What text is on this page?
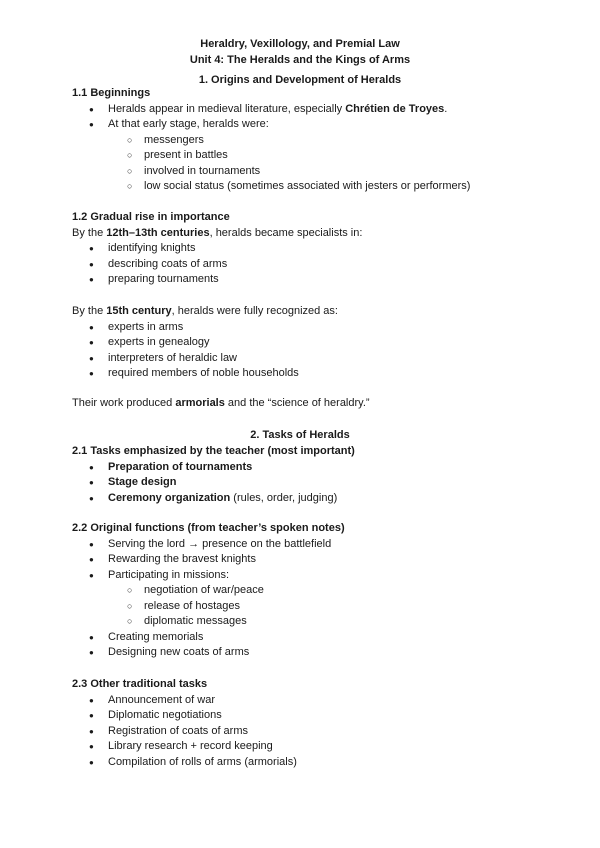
Heraldry, Vexillology, and Premial Law
Unit 4: The Heralds and the Kings of Arms
1. Origins and Development of Heralds
1.1 Beginnings
● Heralds appear in medieval literature, especially Chrétien de Troyes.
● At that early stage, heralds were:
○ messengers
○ present in battles
○ involved in tournaments
○ low social status (sometimes associated with jesters or performers)
1.2 Gradual rise in importance
By the 12th–13th centuries, heralds became specialists in:
● identifying knights
● describing coats of arms
● preparing tournaments
By the 15th century, heralds were fully recognized as:
● experts in arms
● experts in genealogy
● interpreters of heraldic law
● required members of noble households
Their work produced armorials and the “science of heraldry.”
2. Tasks of Heralds
2.1 Tasks emphasized by the teacher (most important)
● Preparation of tournaments
● Stage design
● Ceremony organization (rules, order, judging)
2.2 Original functions (from teacher’s spoken notes)
● Serving the lord → presence on the battlefield
● Rewarding the bravest knights
● Participating in missions:
○ negotiation of war/peace
○ release of hostages
○ diplomatic messages
● Creating memorials
● Designing new coats of arms
2.3 Other traditional tasks
● Announcement of war
● Diplomatic negotiations
● Registration of coats of arms
● Library research + record keeping
● Compilation of rolls of arms (armorials)
